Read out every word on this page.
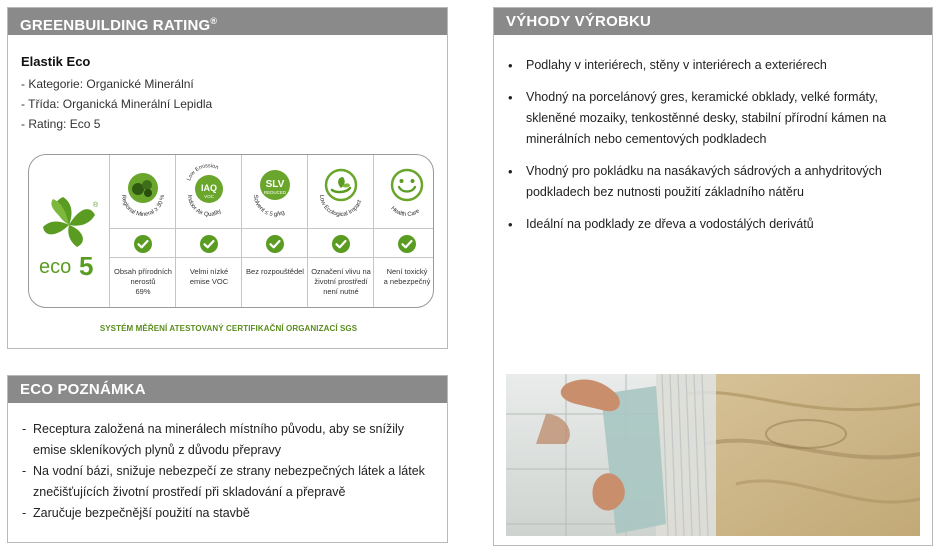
GREENBUILDING RATING®
Elastik Eco
- Kategorie: Organické Minerální
- Třída: Organická Minerální Lepidla
- Rating: Eco 5
®
eco 5
Regional Mineral ≥ 30 %
Obsah přírodních
nerostů
69%
Low Emission
IAQ
VOC
Indoor Air Quality
Velmi nízké
emise VOC
SLV
REDUCED
Solvent ≤ 5 g/kg
Bez rozpouštědel
Low Ecological Impact
Označení vlivu na
životní prostředí
není nutné
Health Care
Není toxický
a nebezpečný
SYSTÉM MĚŘENÍ ATESTOVANÝ CERTIFIKAČNÍ ORGANIZACÍ SGS
ECO POZNÁMKA
- Receptura založená na minerálech místního původu, aby se snížily emise skleníkových plynů z důvodu přepravy
- Na vodní bázi, snižuje nebezpečí ze strany nebezpečných látek a látek znečišťujících životní prostředí při skladování a přepravě
- Zaručuje bezpečnější použití na stavbě
VÝHODY VÝROBKU
• Podlahy v interiérech, stěny v interiérech a exteriérech
• Vhodný na porcelánový gres, keramické obklady, velké formáty, skleněné mozaiky, tenkostěnné desky, stabilní přírodní kámen na minerálních nebo cementových podkladech
• Vhodný pro pokládku na nasákavých sádrových a anhydritových podkladech bez nutnosti použití základního nátěru
• Ideální na podklady ze dřeva a vodostálých derivátů
